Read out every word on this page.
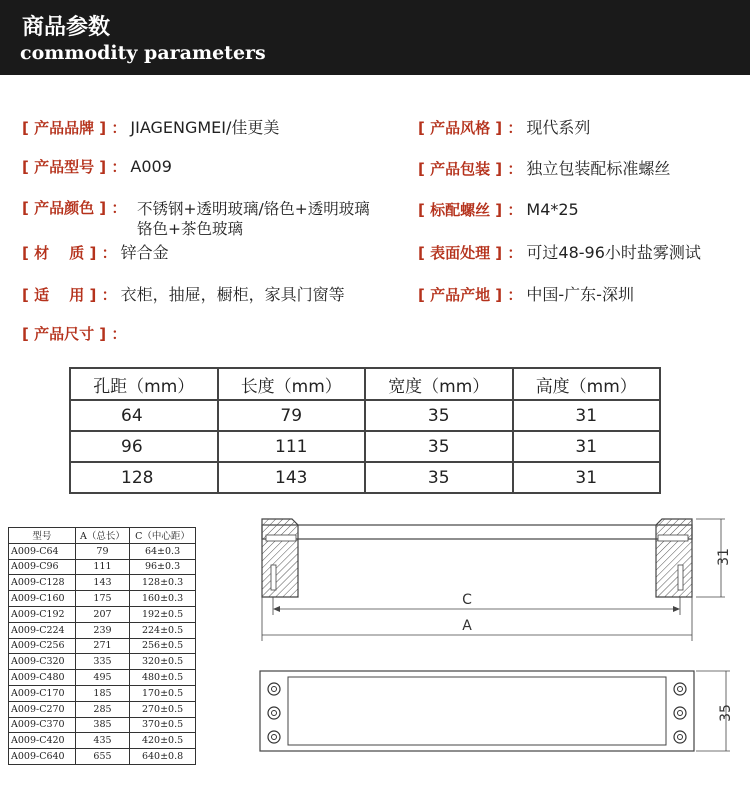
商品参数
commodity parameters
[ 产品品牌 ] ： JIAGENGMEI/佳更美
[ 产品型号 ] ： A009
[ 产品颜色 ] ： 不锈钢+透明玻璃/铬色+透明玻璃
铬色+茶色玻璃
[ 材　 质 ] ： 锌合金
[ 适　 用 ] ： 衣柜，抽屉，橱柜，家具门窗等
[ 产品尺寸 ] ：
[ 产品风格 ] ： 现代系列
[ 产品包装 ] ： 独立包装配标准螺丝
[ 标配螺丝 ] ： M4*25
[ 表面处理 ] ： 可过48-96小时盐雾测试
[ 产品产地 ] ： 中国-广东-深圳
孔距（mm）	长度（mm）	宽度（mm）	高度（mm）
64	79	35	31
96	111	35	31
128	143	35	31
型号	A（总长）	C（中心距）
A009-C64	79	64±0.3
A009-C96	111	96±0.3
A009-C128	143	128±0.3
A009-C160	175	160±0.3
A009-C192	207	192±0.5
A009-C224	239	224±0.5
A009-C256	271	256±0.5
A009-C320	335	320±0.5
A009-C480	495	480±0.5
A009-C170	185	170±0.5
A009-C270	285	270±0.5
A009-C370	385	370±0.5
A009-C420	435	420±0.5
A009-C640	655	640±0.8
31
C
A
35
